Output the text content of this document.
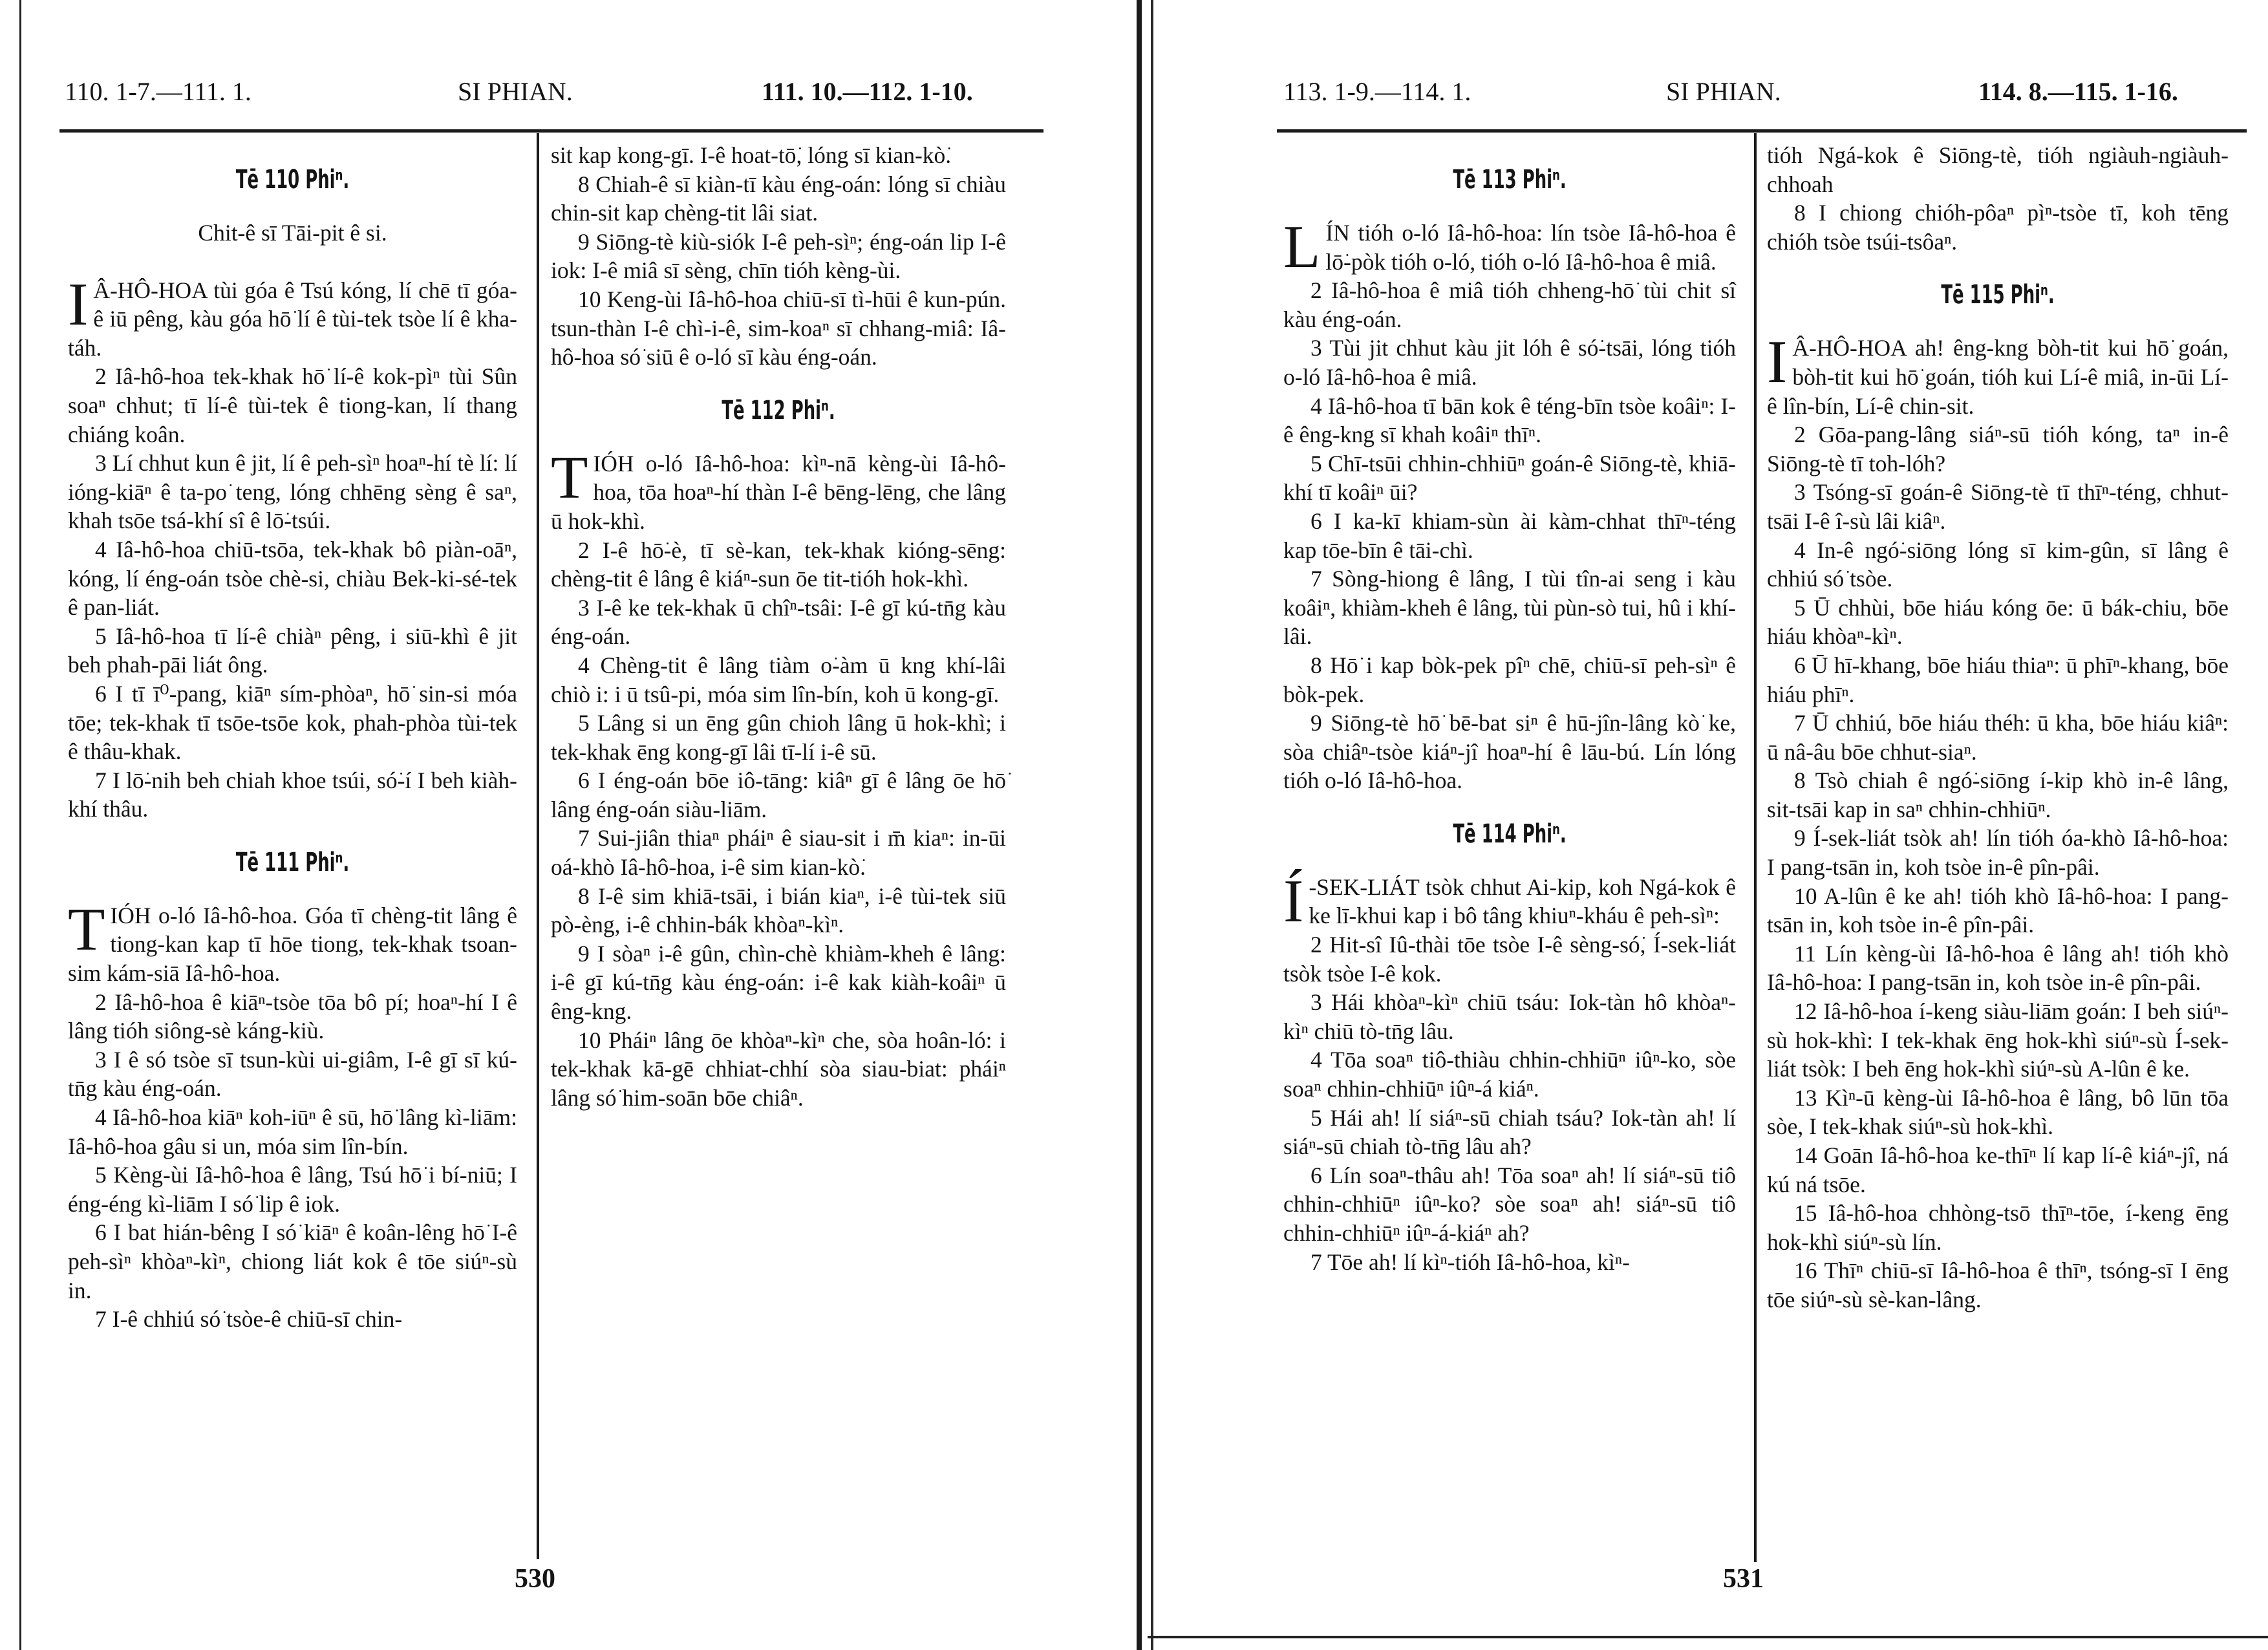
110. 1-7.—111. 1.	SI PHIAN.	111. 10.—112. 1-10.
Tē 110 Phiⁿ.

Chit-ê sī Tāi-pit ê si.

I Â-HÔ-HOA tùi góa ê Tsú kóng, lí chē tī góa-ê iū pêng, kàu góa hō͘ lí ê tùi-tek tsòe lí ê kha-táh.

2 Iâ-hô-hoa tek-khak hō͘ lí-ê kok-pìⁿ tùi Sûn soaⁿ chhut; tī lí-ê tùi-tek ê tiong-kan, lí thang chiáng koân.

3 Lí chhut kun ê jit, lí ê peh-sìⁿ hoaⁿ-hí tè lí: lí ióng-kiāⁿ ê ta-po͘ teng, lóng chhēng sèng ê saⁿ, khah tsōe tsá-khí sî ê lō͘-tsúi.

4 Iâ-hô-hoa chiū-tsōa, tek-khak bô piàn-oāⁿ, kóng, lí éng-oán tsòe chè-si, chiàu Bek-ki-sé-tek ê pan-liát.

5 Iâ-hô-hoa tī lí-ê chiàⁿ pêng, i siū-khì ê jit beh phah-pāi liát ông.

6 I tī ī⁰-pang, kiāⁿ sím-phòaⁿ, hō͘ sin-si móa tōe; tek-khak tī tsōe-tsōe kok, phah-phòa tùi-tek ê thâu-khak.

7 I lō͘-nih beh chiah khoe tsúi, só͘-í I beh kiàh-khí thâu.

Tē 111 Phiⁿ.

TIÓH o-ló Iâ-hô-hoa. Góa tī chèng-tit lâng ê tiong-kan kap tī hōe tiong, tek-khak tsoan-sim kám-siā Iâ-hô-hoa.

2 Iâ-hô-hoa ê kiāⁿ-tsòe tōa bô pí; hoaⁿ-hí I ê lâng tióh siông-sè káng-kiù.

3 I ê só tsòe sī tsun-kùi ui-giâm, I-ê gī sī kú-tn̄g kàu éng-oán.

4 Iâ-hô-hoa kiāⁿ koh-iūⁿ ê sū, hō͘ lâng kì-liām: Iâ-hô-hoa gâu si un, móa sim lîn-bín.

5 Kèng-ùi Iâ-hô-hoa ê lâng, Tsú hō͘ i bí-niū; I éng-éng kì-liām I só͘ lip ê iok.

6 I bat hián-bêng I só͘ kiāⁿ ê koân-lêng hō͘ I-ê peh-sìⁿ khòaⁿ-kìⁿ, chiong liát kok ê tōe siúⁿ-sù in.

7 I-ê chhiú só͘ tsòe-ê chiū-sī chin-

sit kap kong-gī. I-ê hoat-tō͘, lóng sī kian-kò͘.

8 Chiah-ê sī kiàn-tī kàu éng-oán: lóng sī chiàu chin-sit kap chèng-tit lâi siat.

9 Siōng-tè kiù-siók I-ê peh-sìⁿ; éng-oán lip I-ê iok: I-ê miâ sī sèng, chīn tióh kèng-ùi.

10 Keng-ùi Iâ-hô-hoa chiū-sī tì-hūi ê kun-pún. tsun-thàn I-ê chì-i-ê, sim-koaⁿ sī chhang-miâ: Iâ-hô-hoa só͘ siū ê o-ló sī kàu éng-oán.

Tē 112 Phiⁿ.

TIÓH o-ló Iâ-hô-hoa: kìⁿ-nā kèng-ùi Iâ-hô-hoa, tōa hoaⁿ-hí thàn I-ê bēng-lēng, che lâng ū hok-khì.

2 I-ê hō͘-è, tī sè-kan, tek-khak kióng-sēng: chèng-tit ê lâng ê kiáⁿ-sun ōe tit-tióh hok-khì.

3 I-ê ke tek-khak ū chîⁿ-tsâi: I-ê gī kú-tn̄g kàu éng-oán.

4 Chèng-tit ê lâng tiàm o͘-àm ū kng khí-lâi chiò i: i ū tsû-pi, móa sim lîn-bín, koh ū kong-gī.

5 Lâng si un ēng gûn chioh lâng ū hok-khì; i tek-khak ēng kong-gī lâi tī-lí i-ê sū.

6 I éng-oán bōe iô-tāng: kiâⁿ gī ê lâng ōe hō͘ lâng éng-oán siàu-liām.

7 Sui-jiân thiaⁿ pháiⁿ ê siau-sit i m̄ kiaⁿ: in-ūi oá-khò Iâ-hô-hoa, i-ê sim kian-kò͘.

8 I-ê sim khiā-tsāi, i bián kiaⁿ, i-ê tùi-tek siū pò-èng, i-ê chhin-bák khòaⁿ-kìⁿ.

9 I sòaⁿ i-ê gûn, chìn-chè khiàm-kheh ê lâng: i-ê gī kú-tn̄g kàu éng-oán: i-ê kak kiàh-koâiⁿ ū êng-kng.

10 Pháiⁿ lâng ōe khòaⁿ-kìⁿ che, sòa hoân-ló: i tek-khak kā-gē chhiat-chhí sòa siau-biat: pháiⁿ lâng só͘ him-soān bōe chiâⁿ.

530
113. 1-9.—114. 1.	SI PHIAN.	114. 8.—115. 1-16.
Tē 113 Phiⁿ.

LÍN tióh o-ló Iâ-hô-hoa: lín tsòe Iâ-hô-hoa ê lō͘-pòk tióh o-ló, tióh o-ló Iâ-hô-hoa ê miâ.

2 Iâ-hô-hoa ê miâ tióh chheng-hō͘ tùi chit sî kàu éng-oán.

3 Tùi jit chhut kàu jit lóh ê só͘-tsāi, lóng tióh o-ló Iâ-hô-hoa ê miâ.

4 Iâ-hô-hoa tī bān kok ê téng-bīn tsòe koâiⁿ: I-ê êng-kng sī khah koâiⁿ thīⁿ.

5 Chī-tsūi chhin-chhiūⁿ goán-ê Siōng-tè, khiā-khí tī koâiⁿ ūi?

6 I ka-kī khiam-sùn ài kàm-chhat thīⁿ-téng kap tōe-bīn ê tāi-chì.

7 Sòng-hiong ê lâng, I tùi tîn-ai seng i kàu koâiⁿ, khiàm-kheh ê lâng, tùi pùn-sò tui, hû i khí-lâi.

8 Hō͘ i kap bòk-pek pîⁿ chē, chiū-sī peh-sìⁿ ê bòk-pek.

9 Siōng-tè hō͘ bē-bat siⁿ ê hū-jîn-lâng kò͘ ke, sòa chiâⁿ-tsòe kiáⁿ-jî hoaⁿ-hí ê lāu-bú. Lín lóng tióh o-ló Iâ-hô-hoa.

Tē 114 Phiⁿ.

Í -SEK-LIÁT tsòk chhut Ai-kip, koh Ngá-kok ê ke lī-khui kap i bô tâng khiuⁿ-kháu ê peh-sìⁿ:

2 Hit-sî Iû-thài tōe tsòe I-ê sèng-só͘, Í-sek-liát tsòk tsòe I-ê kok.

3 Hái khòaⁿ-kìⁿ chiū tsáu: Iok-tàn hô khòaⁿ-kìⁿ chiū tò-tn̄g lâu.

4 Tōa soaⁿ tiô-thiàu chhin-chhiūⁿ iûⁿ-ko, sòe soaⁿ chhin-chhiūⁿ iûⁿ-á kiáⁿ.

5 Hái ah! lí siáⁿ-sū chiah tsáu? Iok-tàn ah! lí siáⁿ-sū chiah tò-tn̄g lâu ah?

6 Lín soaⁿ-thâu ah! Tōa soaⁿ ah! lí siáⁿ-sū tiô chhin-chhiūⁿ iûⁿ-ko? sòe soaⁿ ah! siáⁿ-sū tiô chhin-chhiūⁿ iûⁿ-á-kiáⁿ ah?

7 Tōe ah! lí kìⁿ-tióh Iâ-hô-hoa, kìⁿ-

tióh Ngá-kok ê Siōng-tè, tióh ngiàuh-ngiàuh-chhoah

8 I chiong chióh-pôaⁿ pìⁿ-tsòe tī, koh tēng chióh tsòe tsúi-tsôaⁿ.

Tē 115 Phiⁿ.

I Â-HÔ-HOA ah! êng-kng bòh-tit kui hō͘ goán, bòh-tit kui hō͘ goán, tióh kui Lí-ê miâ, in-ūi Lí-ê lîn-bín, Lí-ê chin-sit.

2 Gōa-pang-lâng siáⁿ-sū tióh kóng, taⁿ in-ê Siōng-tè tī toh-lóh?

3 Tsóng-sī goán-ê Siōng-tè tī thīⁿ-téng, chhut-tsāi I-ê î-sù lâi kiâⁿ.

4 In-ê ngó͘-siōng lóng sī kim-gûn, sī lâng ê chhiú só͘ tsòe.

5 Ū chhùi, bōe hiáu kóng ōe: ū bák-chiu, bōe hiáu khòaⁿ-kìⁿ.

6 Ū hī-khang, bōe hiáu thiaⁿ: ū phīⁿ-khang, bōe hiáu phīⁿ.

7 Ū chhiú, bōe hiáu théh: ū kha, bōe hiáu kiâⁿ: ū nâ-âu bōe chhut-siaⁿ.

8 Tsò chiah ê ngó͘-siōng í-kip khò in-ê lâng, sit-tsāi kap in saⁿ chhin-chhiūⁿ.

9 Í-sek-liát tsòk ah! lín tióh óa-khò Iâ-hô-hoa: I pang-tsān in, koh tsòe in-ê pîn-pâi.

10 A-lûn ê ke ah! tióh khò Iâ-hô-hoa: I pang-tsān in, koh tsòe in-ê pîn-pâi.

11 Lín kèng-ùi Iâ-hô-hoa ê lâng ah! tióh khò Iâ-hô-hoa: I pang-tsān in, koh tsòe in-ê pîn-pâi.

12 Iâ-hô-hoa í-keng siàu-liām goán: I beh siúⁿ-sù hok-khì: I tek-khak ēng hok-khì siúⁿ-sù Í-sek-liát tsòk: I beh ēng hok-khì siúⁿ-sù A-lûn ê ke.

13 Kìⁿ-ū kèng-ùi Iâ-hô-hoa ê lâng, bô lūn tōa sòe, I tek-khak siúⁿ-sù hok-khì.

14 Goān Iâ-hô-hoa ke-thīⁿ lí kap lí-ê kiáⁿ-jî, ná kú ná tsōe.

15 Iâ-hô-hoa chhòng-tsō thīⁿ-tōe, í-keng ēng hok-khì siúⁿ-sù lín.

16 Thīⁿ chiū-sī Iâ-hô-hoa ê thīⁿ, tsóng-sī I ēng tōe siúⁿ-sù sè-kan-lâng.

531
